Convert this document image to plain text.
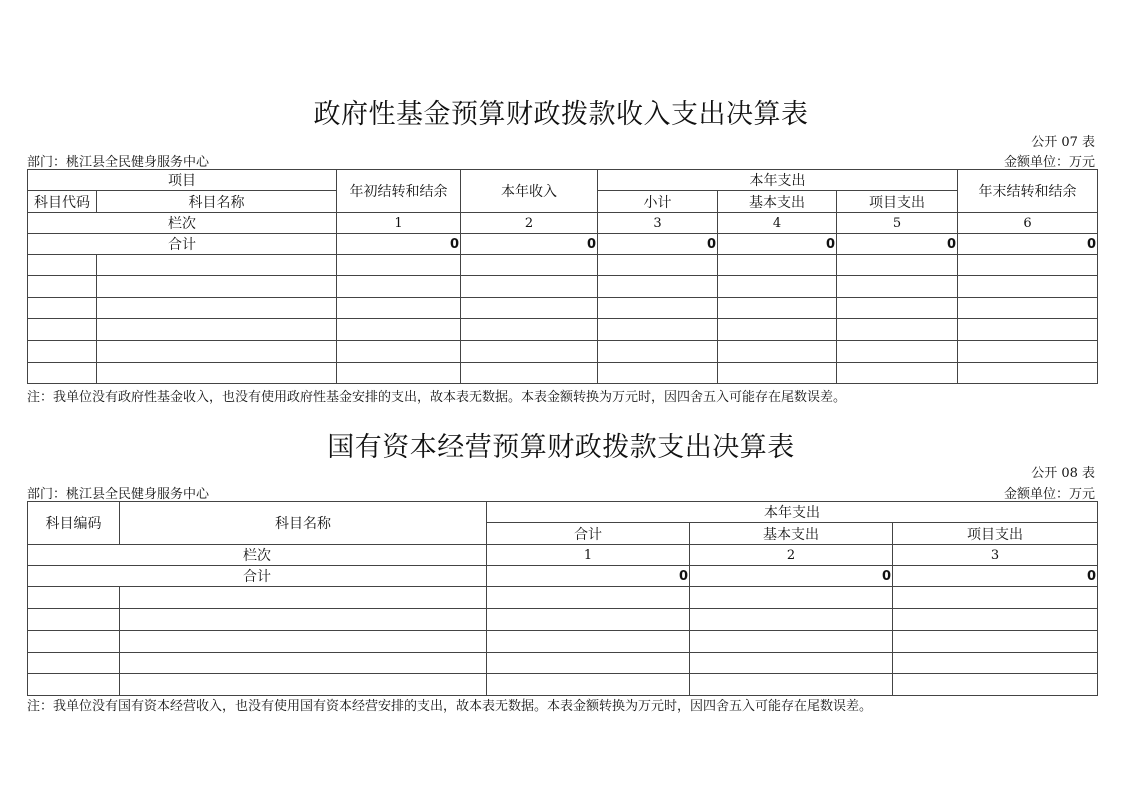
政府性基金预算财政拨款收入支出决算表
公开 07 表
部门：桃江县全民健身服务中心	金额单位：万元
项目		年初结转和结余	本年收入	本年支出			年末结转和结余
科目代码	科目名称			小计	基本支出	项目支出	
栏次		1	2	3	4	5	6
合计		0	0	0	0	0	0

注：我单位没有政府性基金收入，也没有使用政府性基金安排的支出，故本表无数据。本表金额转换为万元时，因四舍五入可能存在尾数误差。
国有资本经营预算财政拨款支出决算表
公开 08 表
部门：桃江县全民健身服务中心	金额单位：万元
科目编码	科目名称	本年支出		
		合计	基本支出	项目支出
栏次		1	2	3
合计		0	0	0

注：我单位没有国有资本经营收入，也没有使用国有资本经营安排的支出，故本表无数据。本表金额转换为万元时，因四舍五入可能存在尾数误差。
